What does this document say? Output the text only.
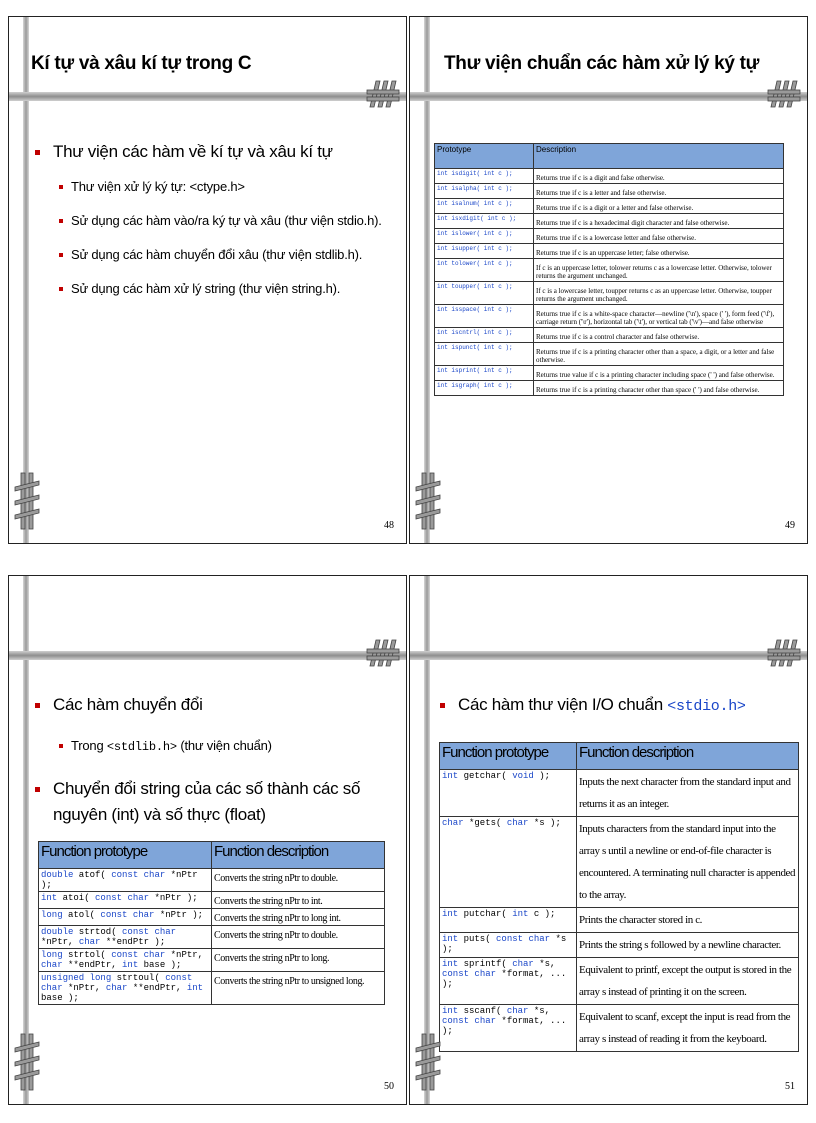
Kí tự và xâu kí tự trong C
Thư viện các hàm về kí tự và xâu kí tự
Thư viện xử lý ký tự: <ctype.h>
Sử dụng các hàm vào/ra ký tự và xâu (thư viện stdio.h).
Sử dụng các hàm chuyển đổi xâu (thư viện stdlib.h).
Sử dụng các hàm xử lý string (thư viện string.h).
48
Thư viện chuẩn các hàm xử lý ký tự
Prototype	Description
int isdigit( int c );	Returns true if c is a digit and false otherwise.
int isalpha( int c );	Returns true if c is a letter and false otherwise.
int isalnum( int c );	Returns true if c is a digit or a letter and false otherwise.
int isxdigit( int c );	Returns true if c is a hexadecimal digit character and false otherwise.
int islower( int c );	Returns true if c is a lowercase letter and false otherwise.
int isupper( int c );	Returns true if c is an uppercase letter; false otherwise.
int tolower( int c );	If c is an uppercase letter, tolower returns c as a lowercase letter. Otherwise, tolower returns the argument unchanged.
int toupper( int c );	If c is a lowercase letter, toupper returns c as an uppercase letter. Otherwise, toupper returns the argument unchanged.
int isspace( int c );	Returns true if c is a white-space character—newline ('\n'), space (' '), form feed ('\f'), carriage return ('\r'), horizontal tab ('\t'), or vertical tab ('\v')—and false otherwise
int iscntrl( int c );	Returns true if c is a control character and false otherwise.
int ispunct( int c );	Returns true if c is a printing character other than a space, a digit, or a letter and false otherwise.
int isprint( int c );	Returns true value if c is a printing character including space (' ') and false otherwise.
int isgraph( int c );	Returns true if c is a printing character other than space (' ') and false otherwise.
49
Các hàm chuyển đổi
Trong <stdlib.h> (thư viện chuẩn)
Chuyển đổi string của các số thành các số nguyên (int) và số thực (float)
Function prototype	Function description
double atof( const char *nPtr );	Converts the string nPtr to double.
int atoi( const char *nPtr );	Converts the string nPtr to int.
long atol( const char *nPtr );	Converts the string nPtr to long int.
double strtod( const char *nPtr, char **endPtr );	Converts the string nPtr to double.
long strtol( const char *nPtr, char **endPtr, int base );	Converts the string nPtr to long.
unsigned long strtoul( const char *nPtr, char **endPtr, int base );	Converts the string nPtr to unsigned long.
50
Các hàm thư viện I/O chuẩn <stdio.h>
Function prototype	Function description
int getchar( void );	Inputs the next character from the standard input and returns it as an integer.
char *gets( char *s );	Inputs characters from the standard input into the array s until a newline or end-of-file character is encountered. A terminating null character is appended to the array.
int putchar( int c );	Prints the character stored in c.
int puts( const char *s );	Prints the string s followed by a newline character.
int sprintf( char *s, const char *format, ... );	Equivalent to printf, except the output is stored in the array s instead of printing it on the screen.
int sscanf( char *s, const char *format, ... );	Equivalent to scanf, except the input is read from the array s instead of reading it from the keyboard.
51
